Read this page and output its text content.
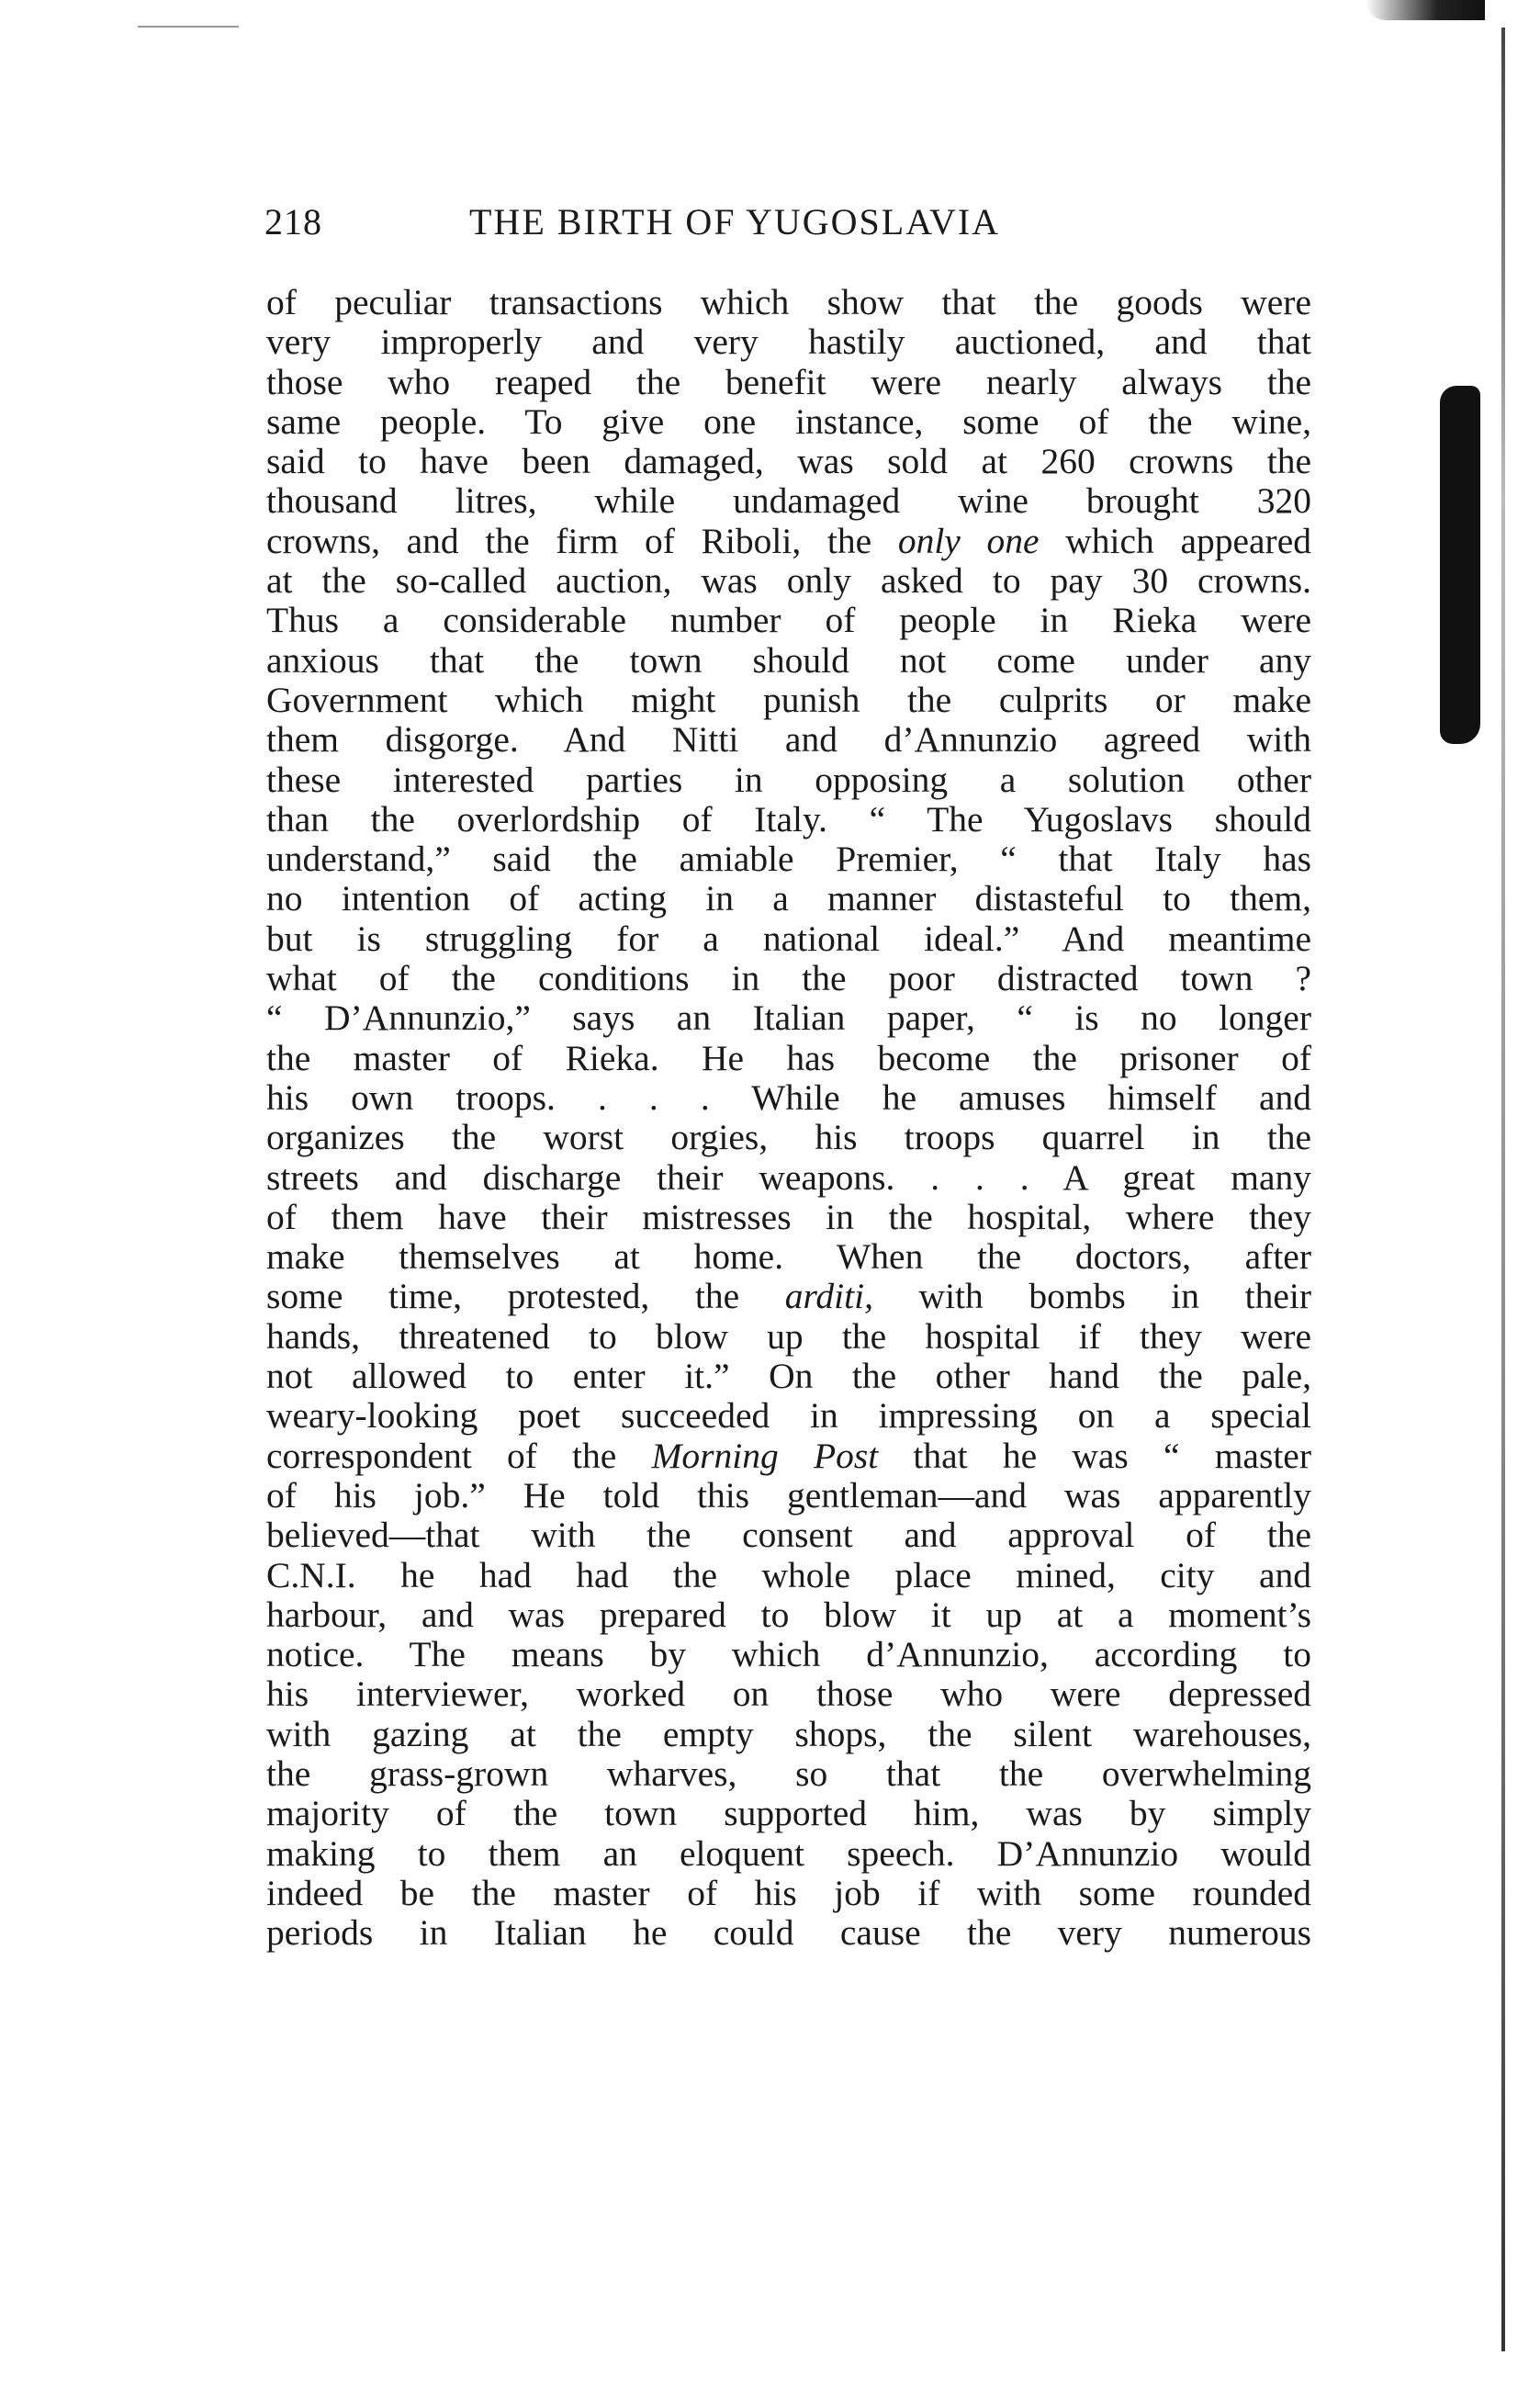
218	THE BIRTH OF YUGOSLAVIA
of peculiar transactions which show that the goods were
very improperly and very hastily auctioned, and that
those who reaped the benefit were nearly always the
same people. To give one instance, some of the wine,
said to have been damaged, was sold at 260 crowns the
thousand litres, while undamaged wine brought 320
crowns, and the firm of Riboli, the only one which appeared
at the so-called auction, was only asked to pay 30 crowns.
Thus a considerable number of people in Rieka were
anxious that the town should not come under any
Government which might punish the culprits or make
them disgorge. And Nitti and d’Annunzio agreed with
these interested parties in opposing a solution other
than the overlordship of Italy. “ The Yugoslavs should
understand,” said the amiable Premier, “ that Italy has
no intention of acting in a manner distasteful to them,
but is struggling for a national ideal.” And meantime
what of the conditions in the poor distracted town ?
“ D’Annunzio,” says an Italian paper, “ is no longer
the master of Rieka. He has become the prisoner of
his own troops. . . . While he amuses himself and
organizes the worst orgies, his troops quarrel in the
streets and discharge their weapons. . . . A great many
of them have their mistresses in the hospital, where they
make themselves at home. When the doctors, after
some time, protested, the arditi, with bombs in their
hands, threatened to blow up the hospital if they were
not allowed to enter it.” On the other hand the pale,
weary-looking poet succeeded in impressing on a special
correspondent of the Morning Post that he was “ master
of his job.” He told this gentleman—and was apparently
believed—that with the consent and approval of the
C.N.I. he had had the whole place mined, city and
harbour, and was prepared to blow it up at a moment’s
notice. The means by which d’Annunzio, according to
his interviewer, worked on those who were depressed
with gazing at the empty shops, the silent warehouses,
the grass-grown wharves, so that the overwhelming
majority of the town supported him, was by simply
making to them an eloquent speech. D’Annunzio would
indeed be the master of his job if with some rounded
periods in Italian he could cause the very numerous
